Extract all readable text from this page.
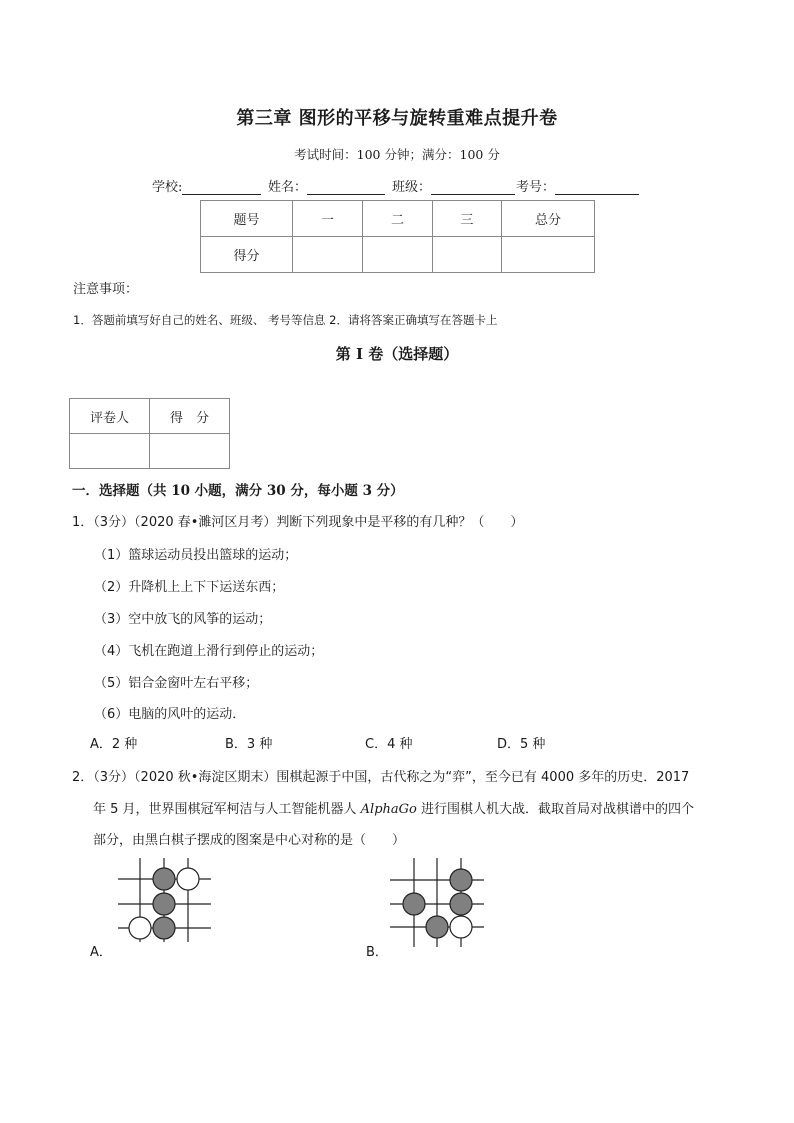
第三章 图形的平移与旋转重难点提升卷
考试时间：100 分钟；满分：100 分
学校:	姓名：	班级：	考号：
题号	一	二	三	总分
得分				
注意事项：
1．答题前填写好自己的姓名、班级、 考号等信息 2．请将答案正确填写在答题卡上
第 I 卷（选择题）
评卷人	得　分

一．选择题（共 10 小题，满分 30 分，每小题 3 分）
1．（3分）（2020 春•濉河区月考）判断下列现象中是平移的有几种？（　　）
（1）篮球运动员投出篮球的运动；
（2）升降机上上下下运送东西；
（3）空中放飞的风筝的运动；
（4）飞机在跑道上滑行到停止的运动；
（5）铝合金窗叶左右平移；
（6）电脑的风叶的运动．
A．2 种	B．3 种	C．4 种	D．5 种
2．（3分）（2020 秋•海淀区期末）围棋起源于中国，古代称之为“弈”，至今已有 4000 多年的历史．2017
年 5 月，世界围棋冠军柯洁与人工智能机器人 AlphaGo 进行围棋人机大战．截取首局对战棋谱中的四个
部分，由黑白棋子摆成的图案是中心对称的是（　　）
A．	B．
